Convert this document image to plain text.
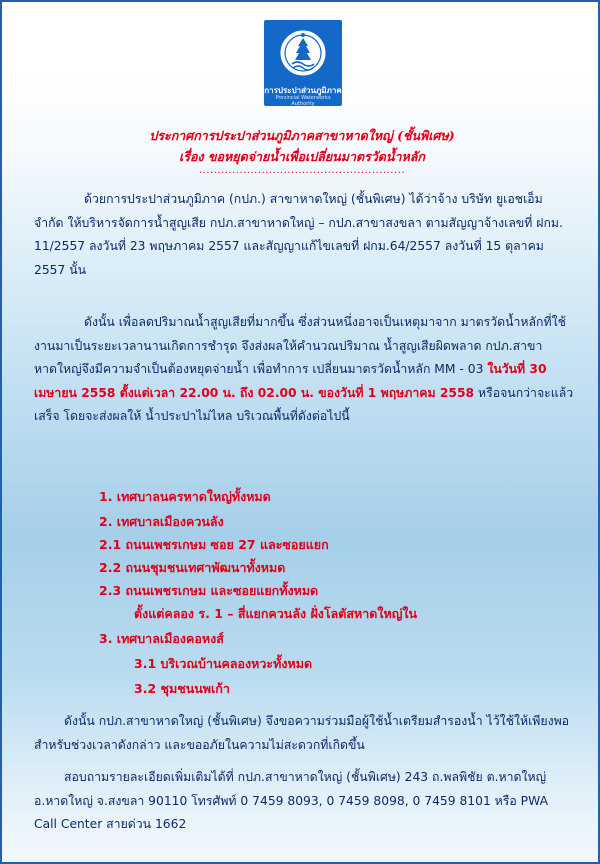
การประปาส่วนภูมิภาค
Provincial Waterworks Authority
ประกาศการประปาส่วนภูมิภาคสาขาหาดใหญ่ (ชั้นพิเศษ)
เรื่อง ขอหยุดจ่ายน้ำเพื่อเปลี่ยนมาตรวัดน้ำหลัก
........................................................

ด้วยการประปาส่วนภูมิภาค (กปภ.) สาขาหาดใหญ่ (ชั้นพิเศษ) ได้ว่าจ้าง บริษัท ยูเอชเอ็ม จำกัด ให้บริหารจัดการน้ำสูญเสีย กปภ.สาขาหาดใหญ่ – กปภ.สาขาสงขลา ตามสัญญาจ้างเลขที่ ฝกม. 11/2557 ลงวันที่ 23 พฤษภาคม 2557 และสัญญาแก้ไขเลขที่ ฝกม.64/2557 ลงวันที่ 15 ตุลาคม 2557 นั้น

ดังนั้น เพื่อลดปริมาณน้ำสูญเสียที่มากขึ้น ซึ่งส่วนหนึ่งอาจเป็นเหตุมาจาก มาตรวัดน้ำหลักที่ใช้งานมาเป็นระยะเวลานานเกิดการชำรุด จึงส่งผลให้คำนวณปริมาณ น้ำสูญเสียผิดพลาด กปภ.สาขาหาดใหญ่จึงมีความจำเป็นต้องหยุดจ่ายน้ำ เพื่อทำการ เปลี่ยนมาตรวัดน้ำหลัก MM - 03 ในวันที่ 30 เมษายน 2558 ตั้งแต่เวลา 22.00 น. ถึง 02.00 น. ของวันที่ 1 พฤษภาคม 2558 หรือจนกว่าจะแล้วเสร็จ โดยจะส่งผลให้ น้ำประปาไม่ไหล บริเวณพื้นที่ดังต่อไปนี้

1. เทศบาลนครหาดใหญ่ทั้งหมด
2. เทศบาลเมืองควนลัง
2.1 ถนนเพชรเกษม ซอย 27 และซอยแยก
2.2 ถนนชุมชนเทศาพัฒนาทั้งหมด
2.3 ถนนเพชรเกษม และซอยแยกทั้งหมด
ตั้งแต่คลอง ร. 1 – สี่แยกควนลัง ฝั่งโลตัสหาดใหญ่ใน
3. เทศบาลเมืองคอหงส์
3.1 บริเวณบ้านคลองหวะทั้งหมด
3.2 ชุมชนนพเก้า

ดังนั้น กปภ.สาขาหาดใหญ่ (ชั้นพิเศษ) จึงขอความร่วมมือผู้ใช้น้ำเตรียมสำรองน้ำ ไว้ใช้ให้เพียงพอสำหรับช่วงเวลาดังกล่าว และขออภัยในความไม่สะดวกที่เกิดขึ้น

สอบถามรายละเอียดเพิ่มเติมได้ที่ กปภ.สาขาหาดใหญ่ (ชั้นพิเศษ) 243 ถ.พลพิชัย ต.หาดใหญ่ อ.หาดใหญ่ จ.สงขลา 90110 โทรศัพท์ 0 7459 8093, 0 7459 8098, 0 7459 8101 หรือ PWA Call Center สายด่วน 1662
